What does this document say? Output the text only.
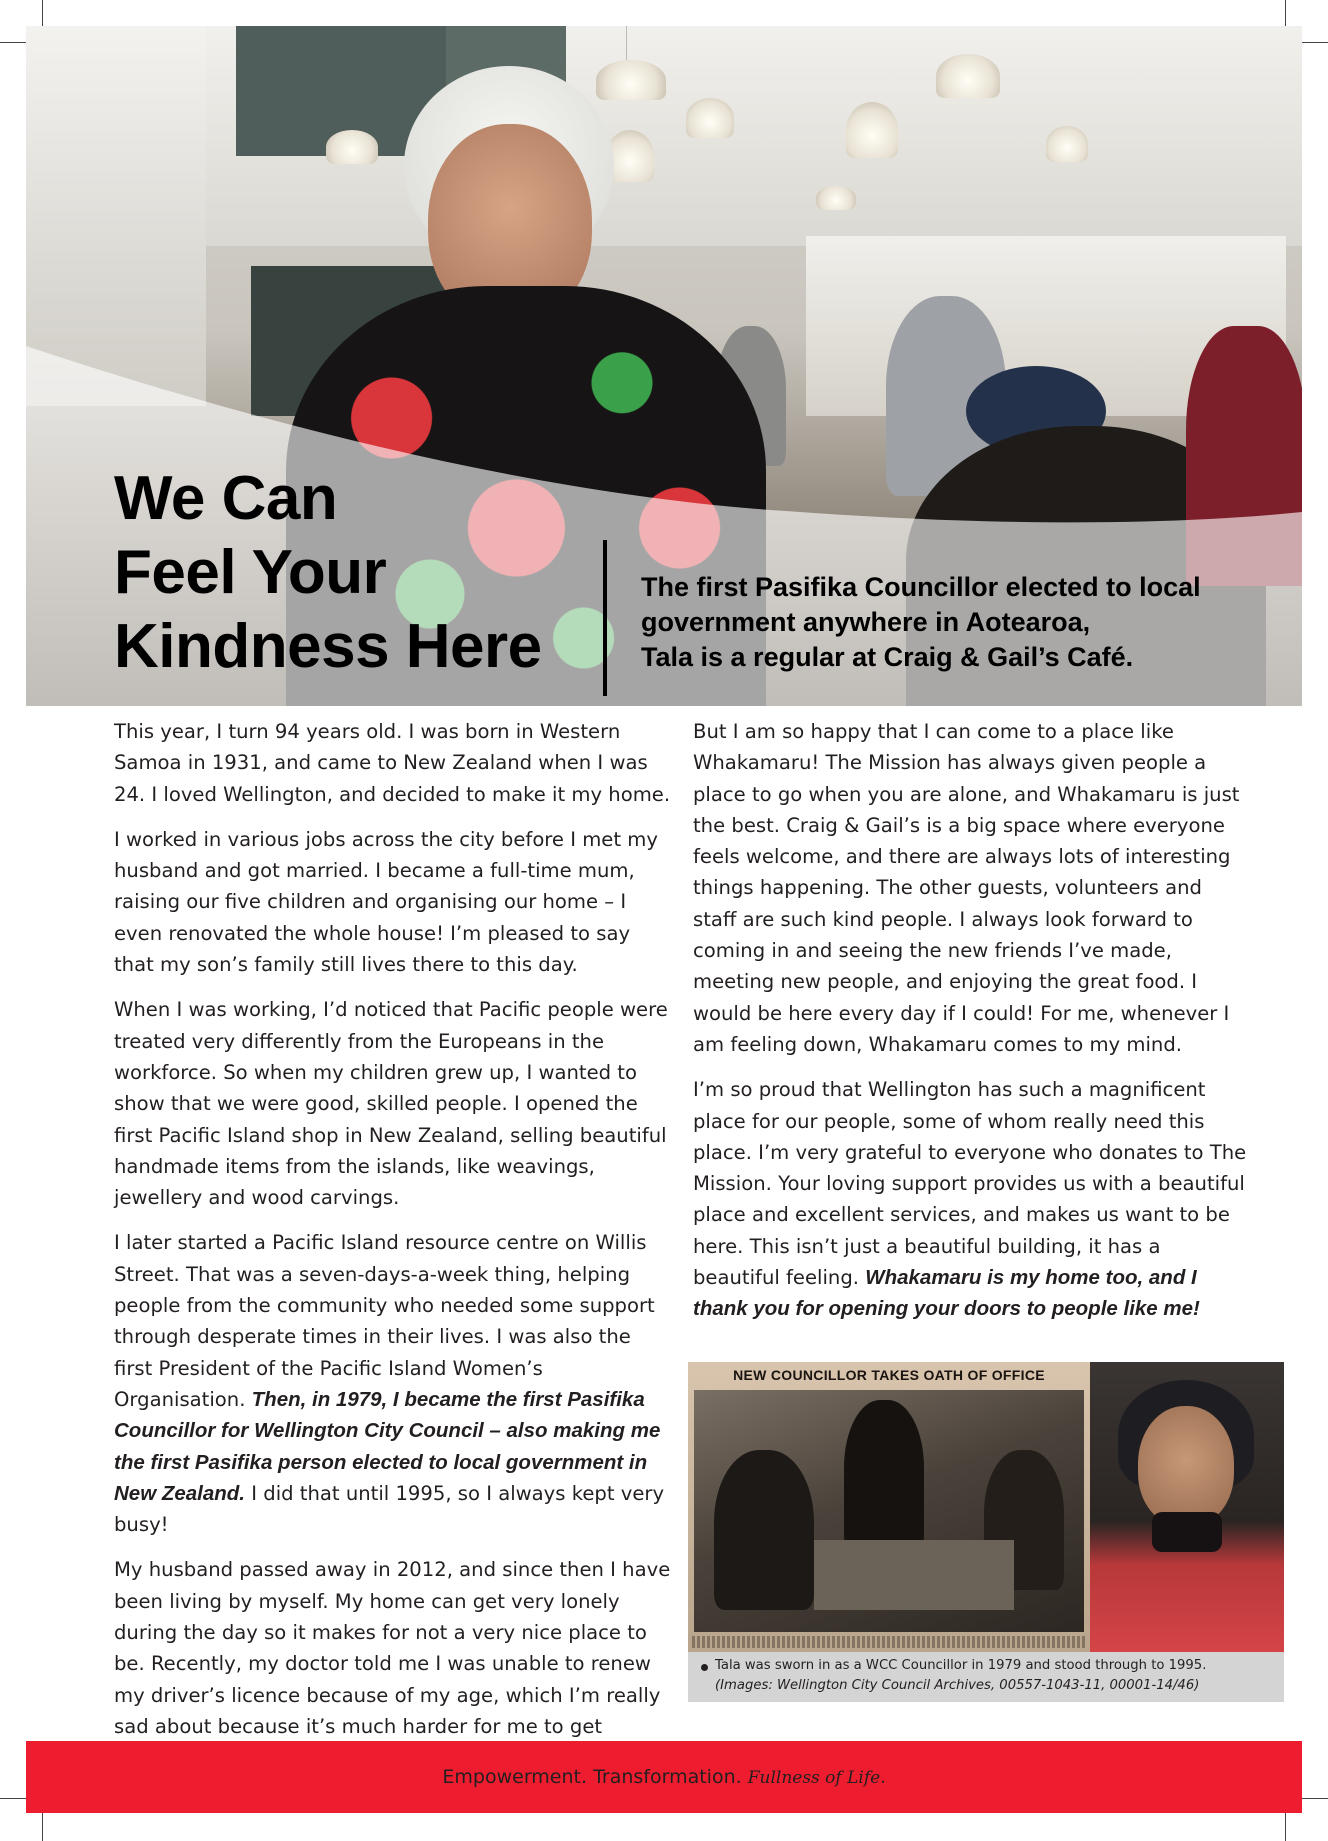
We Can
Feel Your
Kindness Here
The first Pasifika Councillor elected to local
government anywhere in Aotearoa,
Tala is a regular at Craig & Gail’s Café.

This year, I turn 94 years old. I was born in Western Samoa in 1931, and came to New Zealand when I was 24. I loved Wellington, and decided to make it my home.

I worked in various jobs across the city before I met my husband and got married. I became a full-time mum, raising our five children and organising our home – I even renovated the whole house! I’m pleased to say that my son’s family still lives there to this day.

When I was working, I’d noticed that Pacific people were treated very differently from the Europeans in the workforce. So when my children grew up, I wanted to show that we were good, skilled people. I opened the first Pacific Island shop in New Zealand, selling beautiful handmade items from the islands, like weavings, jewellery and wood carvings.

I later started a Pacific Island resource centre on Willis Street. That was a seven-days-a-week thing, helping people from the community who needed some support through desperate times in their lives. I was also the first President of the Pacific Island Women’s Organisation. Then, in 1979, I became the first Pasifika Councillor for Wellington City Council – also making me the first Pasifika person elected to local government in New Zealand. I did that until 1995, so I always kept very busy!

My husband passed away in 2012, and since then I have been living by myself. My home can get very lonely during the day so it makes for not a very nice place to be. Recently, my doctor told me I was unable to renew my driver’s licence because of my age, which I’m really sad about because it’s much harder for me to get

But I am so happy that I can come to a place like Whakamaru! The Mission has always given people a place to go when you are alone, and Whakamaru is just the best. Craig & Gail’s is a big space where everyone feels welcome, and there are always lots of interesting things happening. The other guests, volunteers and staff are such kind people. I always look forward to coming in and seeing the new friends I’ve made, meeting new people, and enjoying the great food. I would be here every day if I could! For me, whenever I am feeling down, Whakamaru comes to my mind.

I’m so proud that Wellington has such a magnificent place for our people, some of whom really need this place. I’m very grateful to everyone who donates to The Mission. Your loving support provides us with a beautiful place and excellent services, and makes us want to be here. This isn’t just a beautiful building, it has a beautiful feeling. Whakamaru is my home too, and I thank you for opening your doors to people like me!

NEW COUNCILLOR TAKES OATH OF OFFICE
Tala was sworn in as a WCC Councillor in 1979 and stood through to 1995.
(Images: Wellington City Council Archives, 00557-1043-11, 00001-14/46)
Empowerment. Transformation. Fullness of Life.
